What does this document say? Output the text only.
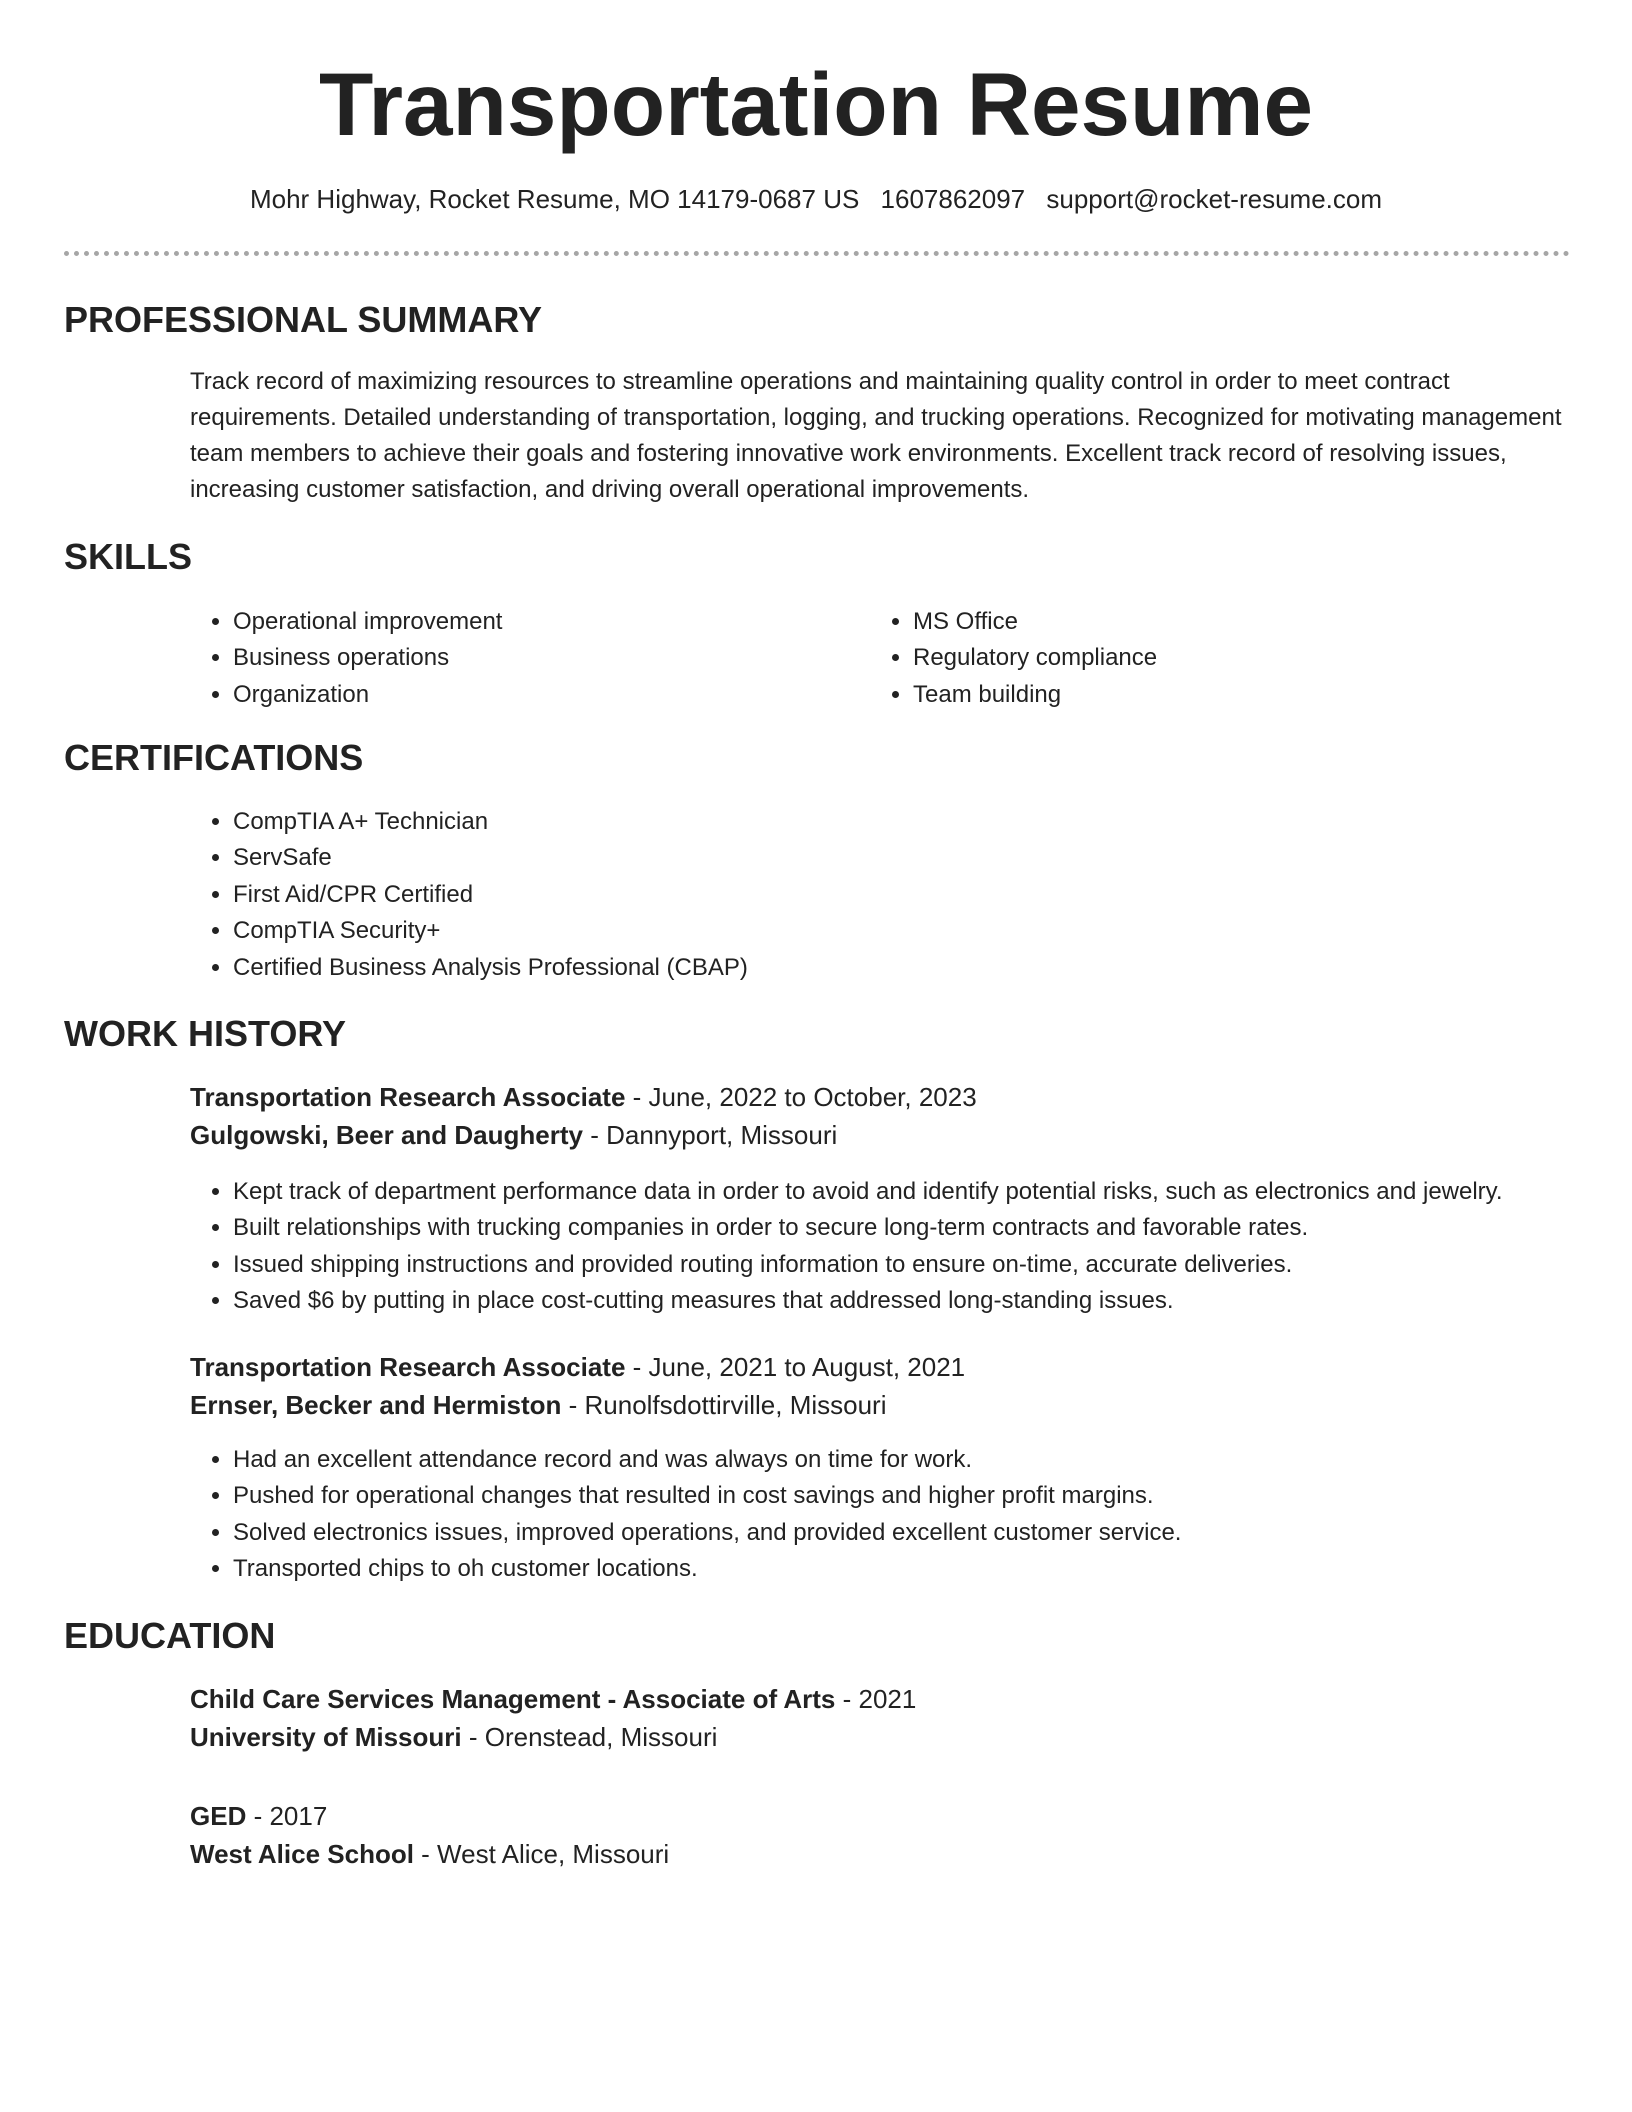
Transportation Resume
Mohr Highway, Rocket Resume, MO 14179-0687 US 1607862097 support@rocket-resume.com
PROFESSIONAL SUMMARY

Track record of maximizing resources to streamline operations and maintaining quality control in order to meet contract requirements. Detailed understanding of transportation, logging, and trucking operations. Recognized for motivating management team members to achieve their goals and fostering innovative work environments. Excellent track record of resolving issues, increasing customer satisfaction, and driving overall operational improvements.

SKILLS
• Operational improvement
• Business operations
• Organization
• MS Office
• Regulatory compliance
• Team building
CERTIFICATIONS
• CompTIA A+ Technician
• ServSafe
• First Aid/CPR Certified
• CompTIA Security+
• Certified Business Analysis Professional (CBAP)
WORK HISTORY
Transportation Research Associate - June, 2022 to October, 2023
Gulgowski, Beer and Daugherty - Dannyport, Missouri
• Kept track of department performance data in order to avoid and identify potential risks, such as electronics and jewelry.
• Built relationships with trucking companies in order to secure long-term contracts and favorable rates.
• Issued shipping instructions and provided routing information to ensure on-time, accurate deliveries.
• Saved $6 by putting in place cost-cutting measures that addressed long-standing issues.
Transportation Research Associate - June, 2021 to August, 2021
Ernser, Becker and Hermiston - Runolfsdottirville, Missouri
• Had an excellent attendance record and was always on time for work.
• Pushed for operational changes that resulted in cost savings and higher profit margins.
• Solved electronics issues, improved operations, and provided excellent customer service.
• Transported chips to oh customer locations.
EDUCATION
Child Care Services Management - Associate of Arts - 2021
University of Missouri - Orenstead, Missouri
GED - 2017
West Alice School - West Alice, Missouri
